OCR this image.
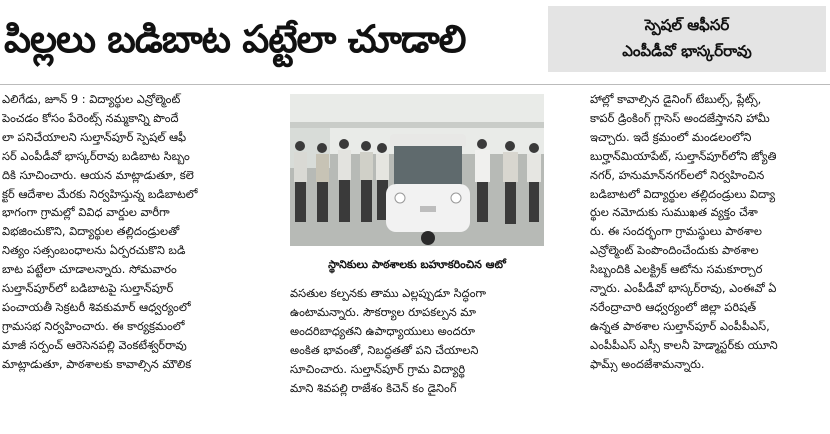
పిల్లలు బడిబాట పట్టేలా చూడాలి	స్పెషల్ ఆఫీసర్
ఎంపీడీవో భాస్కర్‌రావు
ఎలిగేడు, జూన్ 9 : విద్యార్థుల ఎన్రోల్మెంట్
పెంచడం కోసం పేరెంట్స్ నమ్మకాన్ని పొందే
లా పనిచేయాలని సుల్తాన్‌పూర్ స్పెషల్ ఆఫీ
సర్ ఎంపీడీవో భాస్కర్‌రావు బడిబాట సిబ్బం
దికి సూచించారు. ఆయన మాట్లాడుతూ, కలె
క్టర్ ఆదేశాల మేరకు నిర్వహిస్తున్న బడిబాటలో
భాగంగా గ్రామల్లో వివిధ వార్డుల వారీగా
విభజించుకొని, విద్యార్థుల తల్లిదండ్రులతో
నిత్యం సత్సంబంధాలను ఏర్పరచుకొని బడి
బాట పట్టేలా చూడాలన్నారు. సోమవారం
సుల్తాన్‌పూర్‌లో బడిబాటపై సుల్తాన్‌పూర్
పంచాయతీ సెక్రటరీ శివకుమార్ ఆధ్వర్యంలో
గ్రామసభ నిర్వహించారు. ఈ కార్యక్రమంలో
మాజీ సర్పంచ్ ఆరెసెనపల్లి వెంకటేశ్వర్‌రావు
మాట్లాడుతూ, పాఠశాలకు కావాల్సిన మౌలిక
స్థానికులు పాఠశాలకు బహూకరించిన ఆటో
వసతుల కల్పనకు తాము ఎల్లప్పుడూ సిద్ధంగా
ఉంటామన్నారు. సౌకర్యాల రూపకల్పన మా
అందరిబాధ్యతని ఉపాధ్యాయులు అందరూ
అంకిత భావంతో, నిబద్ధతతో పని చేయాలని
సూచించారు. సుల్తాన్‌పూర్ గ్రామ విద్యార్థి
మాని శివపల్లి రాజేశం కిచెన్ కం డైనింగ్
హాల్లో కావాల్సిన డైనింగ్ టేబుల్స్, ప్లేట్స్,
కాపర్ డ్రింకింగ్ గ్లాసెస్ అందజేస్తానని హామీ
ఇచ్చారు. ఇదే క్రమంలో మండలంలోని
బుర్హాన్‌మియాపేట్, సుల్తాన్‌పూర్‌లోని జ్యోతి
నగర్, హనుమాన్‌నగర్‌లలో నిర్వహించిన
బడిబాటలో విద్యార్థుల తల్లిదండ్రులు విద్యా
ర్థుల నమోదుకు సుముఖత వ్యక్తం చేశా
రు. ఈ సందర్భంగా గ్రామస్థులు పాఠశాల
ఎన్రోల్మెంట్ పెంపొందించేందుకు పాఠశాల
సిబ్బందికి ఎలక్ట్రిక్ ఆటోను సమకూర్చార
న్నారు. ఎంపీడీవో భాస్కర్‌రావు, ఎంఈవో ఏ
నరేంద్రాచారి ఆధ్వర్యంలో జిల్లా పరిషత్
ఉన్నత పాఠశాల సుల్తాన్‌పూర్ ఎంపీపీఎస్,
ఎంపీపీఎస్ ఎస్సీ కాలనీ హెడ్మాస్టర్‌కు యూని
ఫామ్స్ అందజేశామన్నారు.
